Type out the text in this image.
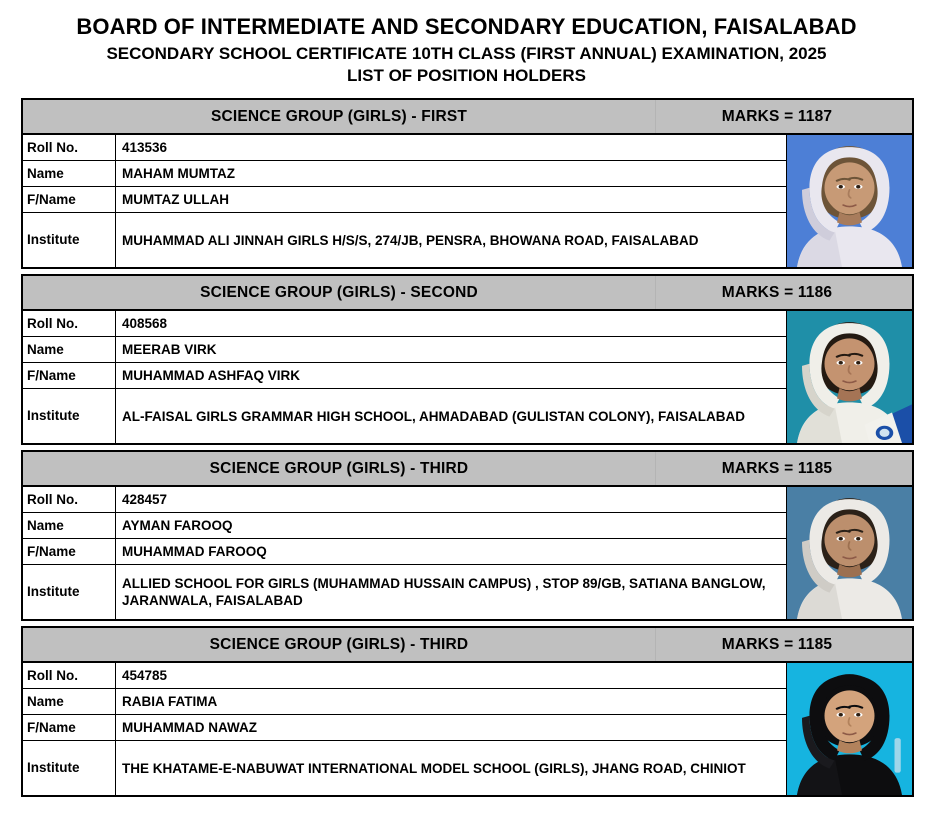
BOARD OF INTERMEDIATE AND SECONDARY EDUCATION, FAISALABAD
SECONDARY SCHOOL CERTIFICATE 10TH CLASS (FIRST ANNUAL) EXAMINATION, 2025
LIST OF POSITION HOLDERS
SCIENCE GROUP (GIRLS) - FIRST	MARKS = 1187
Roll No.	413536
Name	MAHAM MUMTAZ
F/Name	MUMTAZ ULLAH
Institute	MUHAMMAD ALI JINNAH GIRLS H/S/S, 274/JB, PENSRA, BHOWANA ROAD, FAISALABAD
SCIENCE GROUP (GIRLS) - SECOND	MARKS = 1186
Roll No.	408568
Name	MEERAB VIRK
F/Name	MUHAMMAD ASHFAQ VIRK
Institute	AL-FAISAL GIRLS GRAMMAR HIGH SCHOOL, AHMADABAD (GULISTAN COLONY), FAISALABAD
SCIENCE GROUP (GIRLS) - THIRD	MARKS = 1185
Roll No.	428457
Name	AYMAN FAROOQ
F/Name	MUHAMMAD FAROOQ
Institute
ALLIED SCHOOL FOR GIRLS (MUHAMMAD HUSSAIN CAMPUS) , STOP 89/GB, SATIANA BANGLOW, JARANWALA, FAISALABAD
SCIENCE GROUP (GIRLS) - THIRD	MARKS = 1185
Roll No.	454785
Name	RABIA FATIMA
F/Name	MUHAMMAD NAWAZ
Institute	THE KHATAME-E-NABUWAT INTERNATIONAL MODEL SCHOOL (GIRLS), JHANG ROAD, CHINIOT
